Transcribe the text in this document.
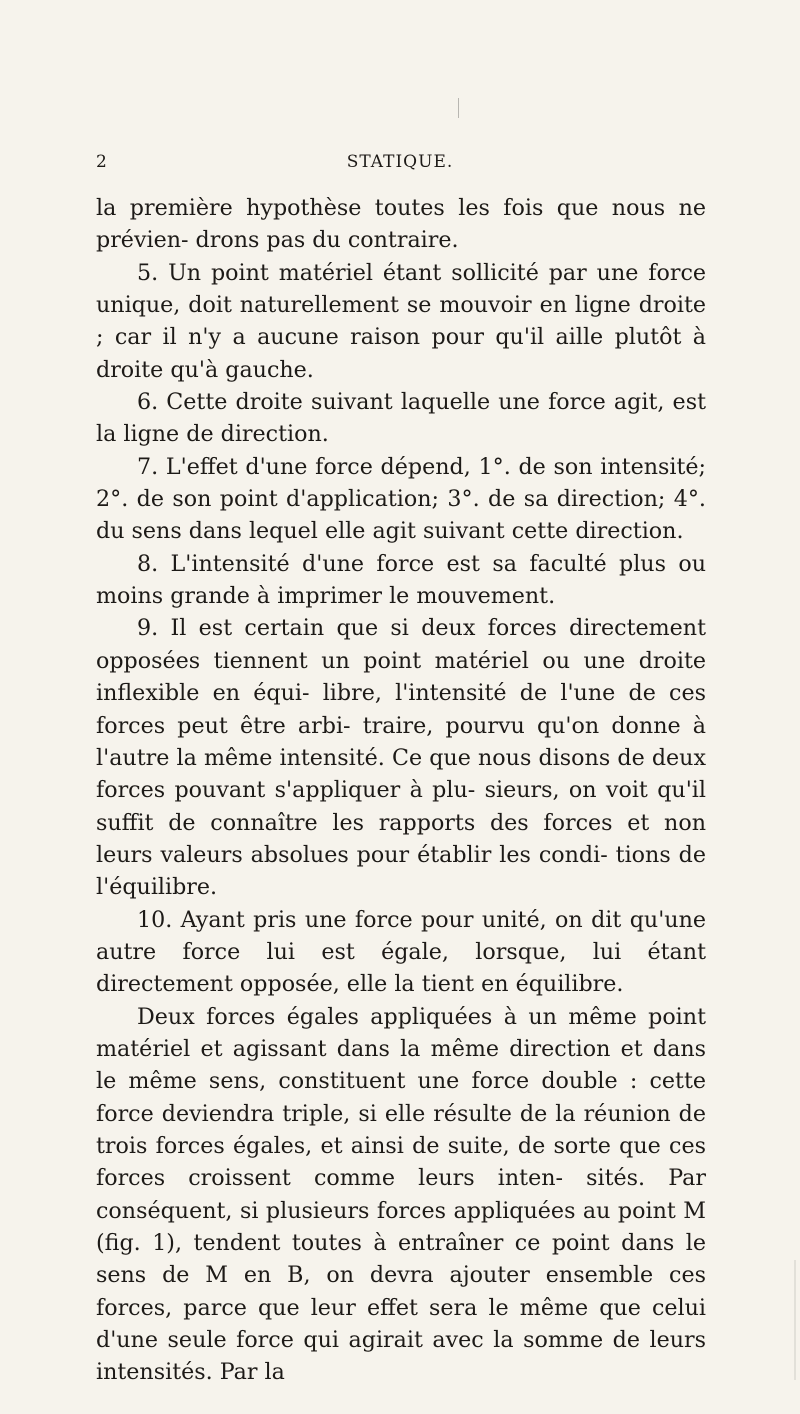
2	STATIQUE.

la première hypothèse toutes les fois que nous ne prévien- drons pas du contraire.

5. Un point matériel étant sollicité par une force unique, doit naturellement se mouvoir en ligne droite ; car il n'y a aucune raison pour qu'il aille plutôt à droite qu'à gauche.

6. Cette droite suivant laquelle une force agit, est la ligne de direction.

7. L'effet d'une force dépend, 1°. de son intensité; 2°. de son point d'application; 3°. de sa direction; 4°. du sens dans lequel elle agit suivant cette direction.

8. L'intensité d'une force est sa faculté plus ou moins grande à imprimer le mouvement.

9. Il est certain que si deux forces directement opposées tiennent un point matériel ou une droite inflexible en équi- libre, l'intensité de l'une de ces forces peut être arbi- traire, pourvu qu'on donne à l'autre la même intensité. Ce que nous disons de deux forces pouvant s'appliquer à plu- sieurs, on voit qu'il suffit de connaître les rapports des forces et non leurs valeurs absolues pour établir les condi- tions de l'équilibre.

10. Ayant pris une force pour unité, on dit qu'une autre force lui est égale, lorsque, lui étant directement opposée, elle la tient en équilibre.

Deux forces égales appliquées à un même point matériel et agissant dans la même direction et dans le même sens, constituent une force double : cette force deviendra triple, si elle résulte de la réunion de trois forces égales, et ainsi de suite, de sorte que ces forces croissent comme leurs inten- sités. Par conséquent, si plusieurs forces appliquées au point M (fig. 1), tendent toutes à entraîner ce point dans le sens de M en B, on devra ajouter ensemble ces forces, parce que leur effet sera le même que celui d'une seule force qui agirait avec la somme de leurs intensités. Par la
